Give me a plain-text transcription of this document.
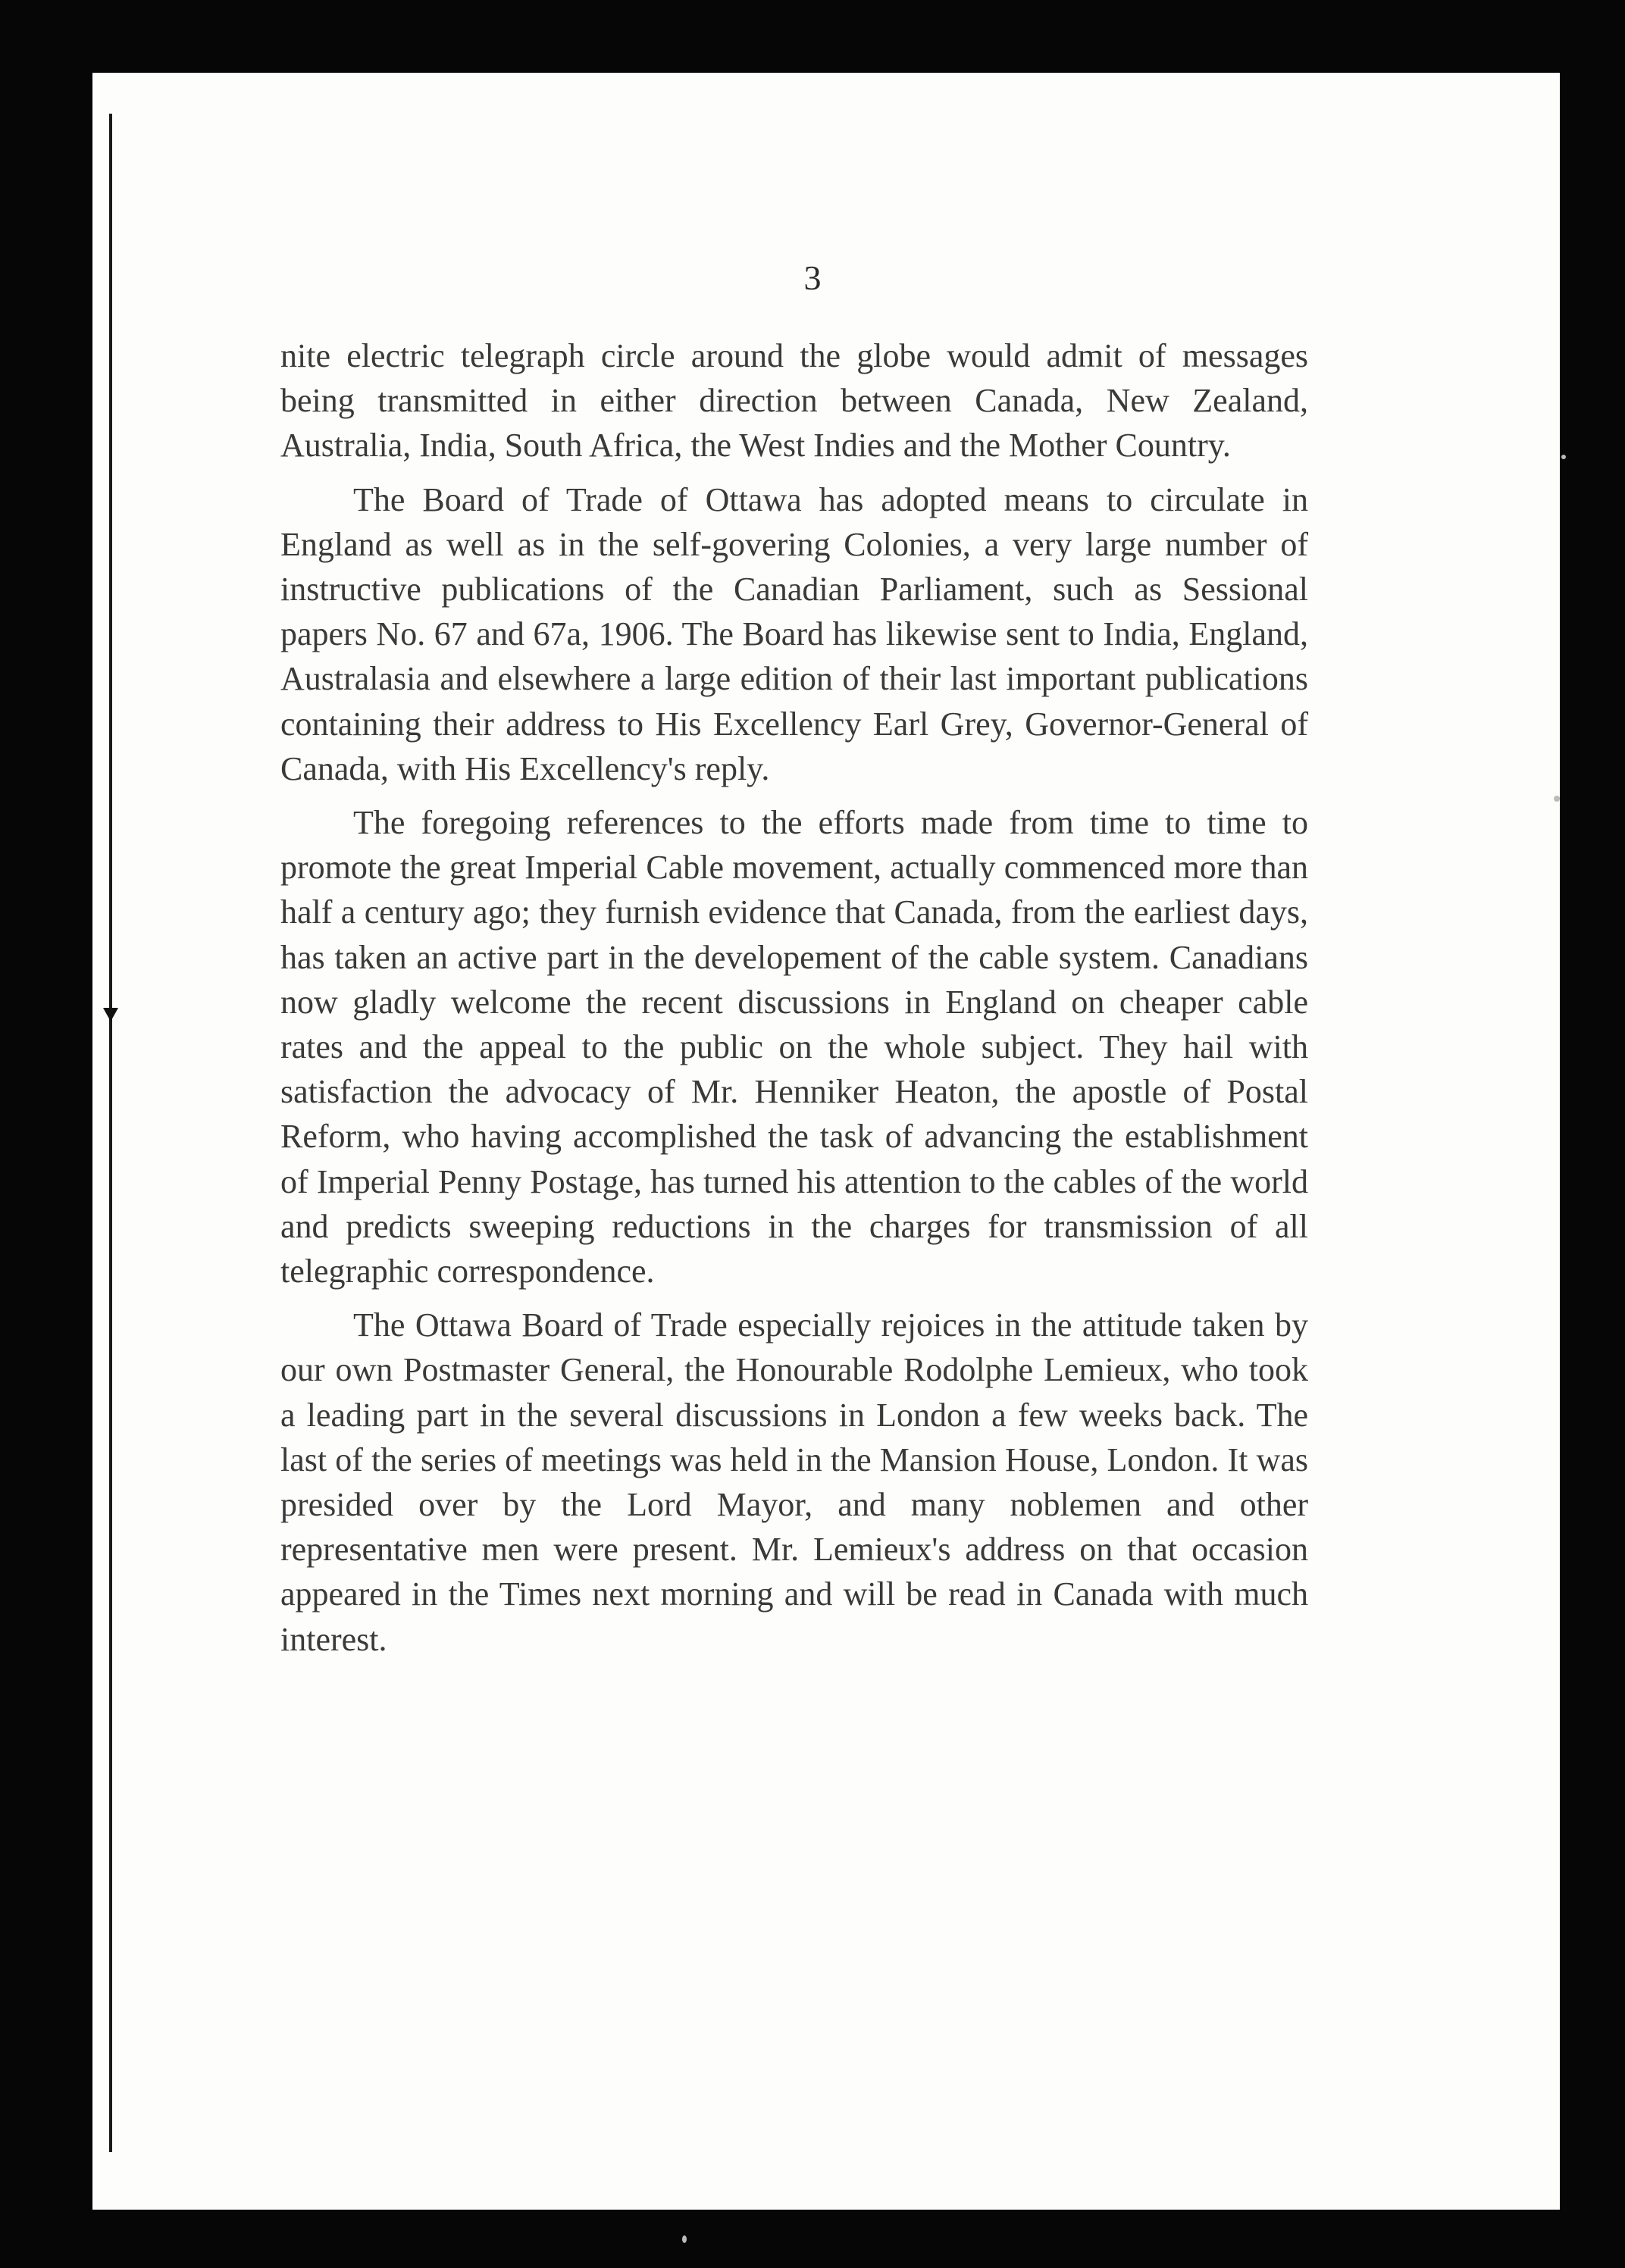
3

nite electric telegraph circle around the globe would admit of messages being transmitted in either direction between Canada, New Zealand, Australia, India, South Africa, the West Indies and the Mother Country.

The Board of Trade of Ottawa has adopted means to circulate in England as well as in the self-govering Colonies, a very large number of instructive publications of the Canadian Parliament, such as Sessional papers No. 67 and 67a, 1906. The Board has likewise sent to India, England, Australasia and elsewhere a large edition of their last important publications containing their address to His Excellency Earl Grey, Governor-General of Canada, with His Excellency's reply.

The foregoing references to the efforts made from time to time to promote the great Imperial Cable movement, actually commenced more than half a century ago; they furnish evidence that Canada, from the earliest days, has taken an active part in the developement of the cable system. Canadians now gladly welcome the recent discussions in England on cheaper cable rates and the appeal to the public on the whole subject. They hail with satisfaction the advocacy of Mr. Henniker Heaton, the apostle of Postal Reform, who having accomplished the task of advancing the establishment of Imperial Penny Postage, has turned his attention to the cables of the world and predicts sweeping reductions in the charges for transmission of all telegraphic correspondence.

The Ottawa Board of Trade especially rejoices in the attitude taken by our own Postmaster General, the Honourable Rodolphe Lemieux, who took a leading part in the several discussions in London a few weeks back. The last of the series of meetings was held in the Mansion House, London. It was presided over by the Lord Mayor, and many noblemen and other representative men were present. Mr. Lemieux's address on that occasion appeared in the Times next morning and will be read in Canada with much interest.
